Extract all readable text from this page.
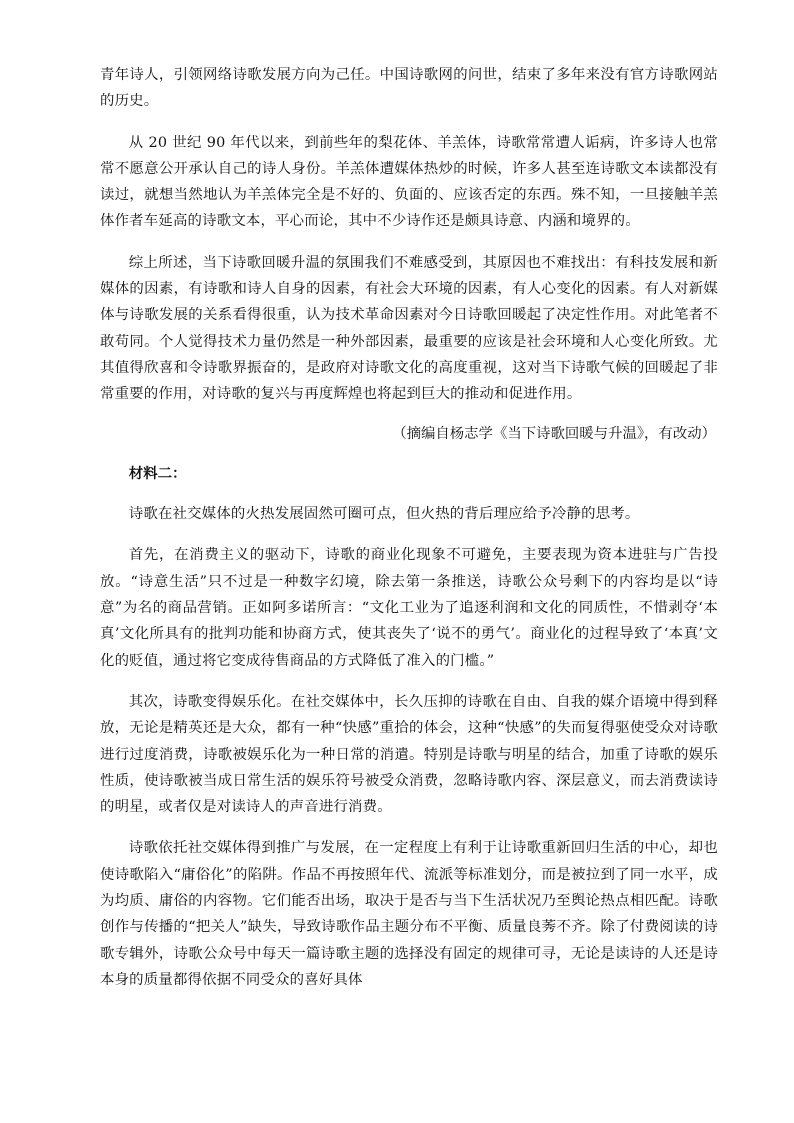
青年诗人，引领网络诗歌发展方向为己任。中国诗歌网的问世，结束了多年来没有官方诗歌网站的历史。

从 20 世纪 90 年代以来，到前些年的梨花体、羊羔体，诗歌常常遭人诟病，许多诗人也常常不愿意公开承认自己的诗人身份。羊羔体遭媒体热炒的时候，许多人甚至连诗歌文本读都没有读过，就想当然地认为羊羔体完全是不好的、负面的、应该否定的东西。殊不知，一旦接触羊羔体作者车延高的诗歌文本，平心而论，其中不少诗作还是颇具诗意、内涵和境界的。

综上所述，当下诗歌回暖升温的氛围我们不难感受到，其原因也不难找出：有科技发展和新媒体的因素，有诗歌和诗人自身的因素，有社会大环境的因素，有人心变化的因素。有人对新媒体与诗歌发展的关系看得很重，认为技术革命因素对今日诗歌回暖起了决定性作用。对此笔者不敢苟同。个人觉得技术力量仍然是一种外部因素，最重要的应该是社会环境和人心变化所致。尤其值得欣喜和令诗歌界振奋的，是政府对诗歌文化的高度重视，这对当下诗歌气候的回暖起了非常重要的作用，对诗歌的复兴与再度辉煌也将起到巨大的推动和促进作用。

（摘编自杨志学《当下诗歌回暖与升温》，有改动）

材料二：

诗歌在社交媒体的火热发展固然可圈可点，但火热的背后理应给予冷静的思考。

首先，在消费主义的驱动下，诗歌的商业化现象不可避免，主要表现为资本进驻与广告投放。“诗意生活”只不过是一种数字幻境，除去第一条推送，诗歌公众号剩下的内容均是以“诗意”为名的商品营销。正如阿多诺所言：“文化工业为了追逐利润和文化的同质性，不惜剥夺‘本真’文化所具有的批判功能和协商方式，使其丧失了‘说不的勇气’。商业化的过程导致了‘本真’文化的贬值，通过将它变成待售商品的方式降低了准入的门槛。”

其次，诗歌变得娱乐化。在社交媒体中，长久压抑的诗歌在自由、自我的媒介语境中得到释放，无论是精英还是大众，都有一种“快感”重拾的体会，这种“快感”的失而复得驱使受众对诗歌进行过度消费，诗歌被娱乐化为一种日常的消遣。特别是诗歌与明星的结合，加重了诗歌的娱乐性质，使诗歌被当成日常生活的娱乐符号被受众消费，忽略诗歌内容、深层意义，而去消费读诗的明星，或者仅是对读诗人的声音进行消费。

诗歌依托社交媒体得到推广与发展，在一定程度上有利于让诗歌重新回归生活的中心，却也使诗歌陷入“庸俗化”的陷阱。作品不再按照年代、流派等标准划分，而是被拉到了同一水平，成为均质、庸俗的内容物。它们能否出场，取决于是否与当下生活状况乃至舆论热点相匹配。诗歌创作与传播的“把关人”缺失，导致诗歌作品主题分布不平衡、质量良莠不齐。除了付费阅读的诗歌专辑外，诗歌公众号中每天一篇诗歌主题的选择没有固定的规律可寻，无论是读诗的人还是诗本身的质量都得依据不同受众的喜好具体
